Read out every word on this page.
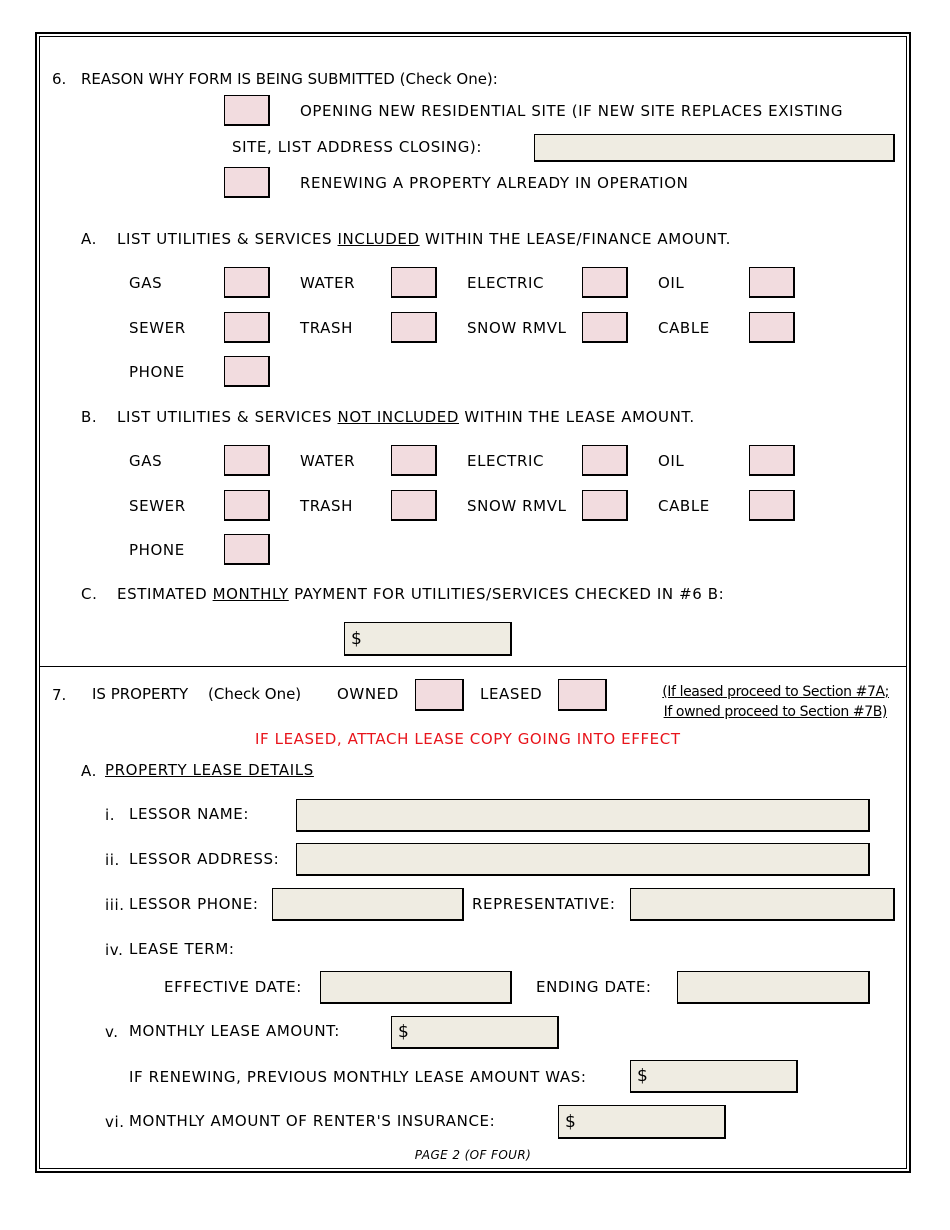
6. REASON WHY FORM IS BEING SUBMITTED (Check One):
OPENING NEW RESIDENTIAL SITE (IF NEW SITE REPLACES EXISTING
SITE, LIST ADDRESS CLOSING):
RENEWING A PROPERTY ALREADY IN OPERATION
A. LIST UTILITIES & SERVICES INCLUDED WITHIN THE LEASE/FINANCE AMOUNT.
GAS	WATER	ELECTRIC	OIL
SEWER	TRASH	SNOW RMVL	CABLE
PHONE
B. LIST UTILITIES & SERVICES NOT INCLUDED WITHIN THE LEASE AMOUNT.
GAS	WATER	ELECTRIC	OIL
SEWER	TRASH	SNOW RMVL	CABLE
PHONE
C. ESTIMATED MONTHLY PAYMENT FOR UTILITIES/SERVICES CHECKED IN #6 B:
$
7. IS PROPERTY (Check One) OWNED	LEASED	(If leased proceed to Section #7A;
If owned proceed to Section #7B)
IF LEASED, ATTACH LEASE COPY GOING INTO EFFECT
A. PROPERTY LEASE DETAILS
i. LESSOR NAME:
ii. LESSOR ADDRESS:
iii. LESSOR PHONE:	REPRESENTATIVE:
iv. LEASE TERM:
EFFECTIVE DATE:	ENDING DATE:
v. MONTHLY LEASE AMOUNT:	$
IF RENEWING, PREVIOUS MONTHLY LEASE AMOUNT WAS:	$
vi. MONTHLY AMOUNT OF RENTER'S INSURANCE:	$
PAGE 2 (OF FOUR)
